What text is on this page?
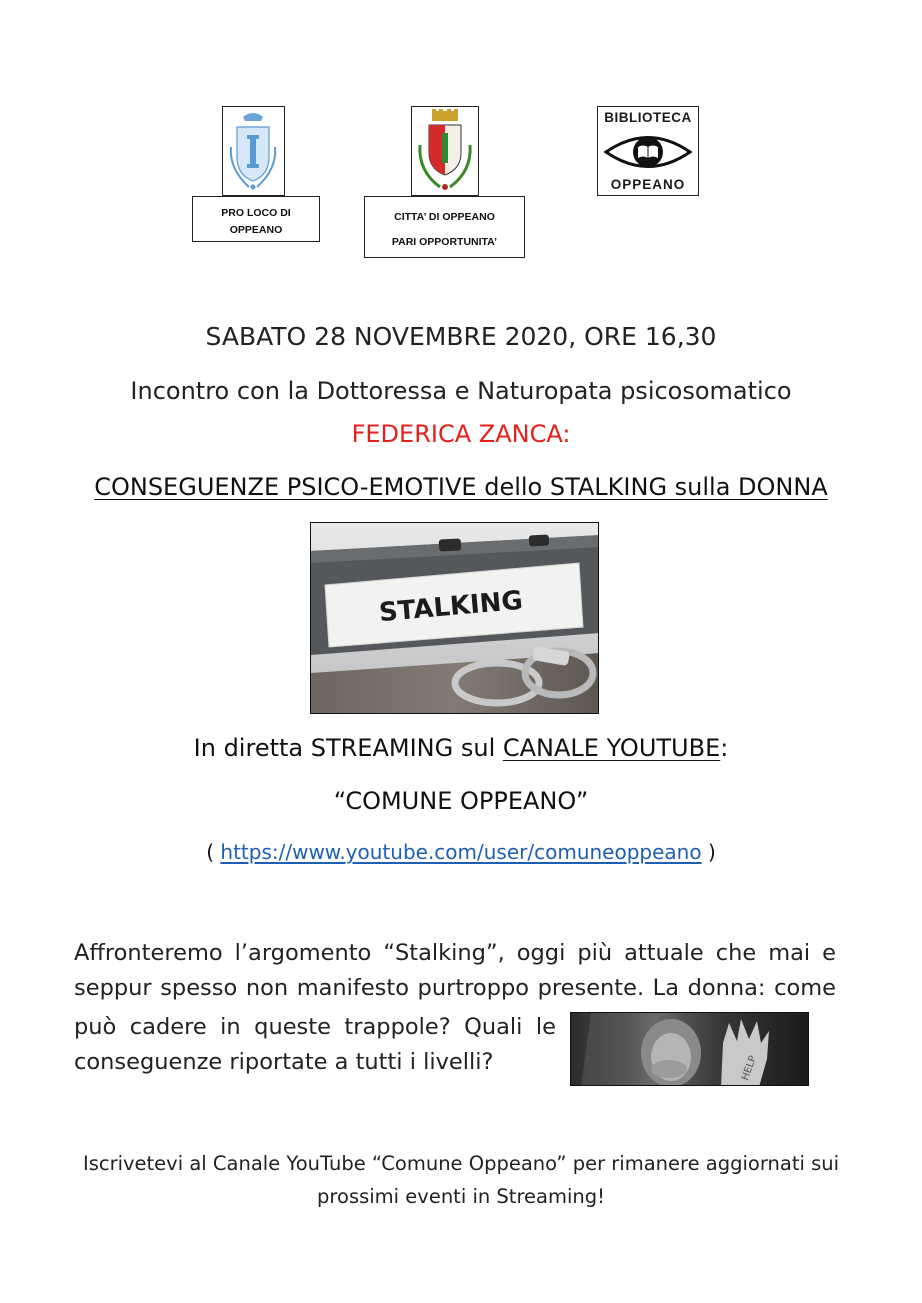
PRO LOCO DI
OPPEANO
CITTA’ DI OPPEANO
PARI OPPORTUNITA’
BIBLIOTECA
OPPEANO
SABATO 28 NOVEMBRE 2020, ORE 16,30
Incontro con la Dottoressa e Naturopata psicosomatico
FEDERICA ZANCA:
CONSEGUENZE PSICO-EMOTIVE dello STALKING sulla DONNA
STALKING
In diretta STREAMING sul CANALE YOUTUBE:
“COMUNE OPPEANO”
( https://www.youtube.com/user/comuneoppeano )
Affronteremo l’argomento “Stalking”, oggi più attuale che mai e
seppur spesso non manifesto purtroppo presente. La donna: come
può cadere in queste trappole? Quali le
conseguenze riportate a tutti i livelli?	HELP
Iscrivetevi al Canale YouTube “Comune Oppeano” per rimanere aggiornati sui
prossimi eventi in Streaming!
